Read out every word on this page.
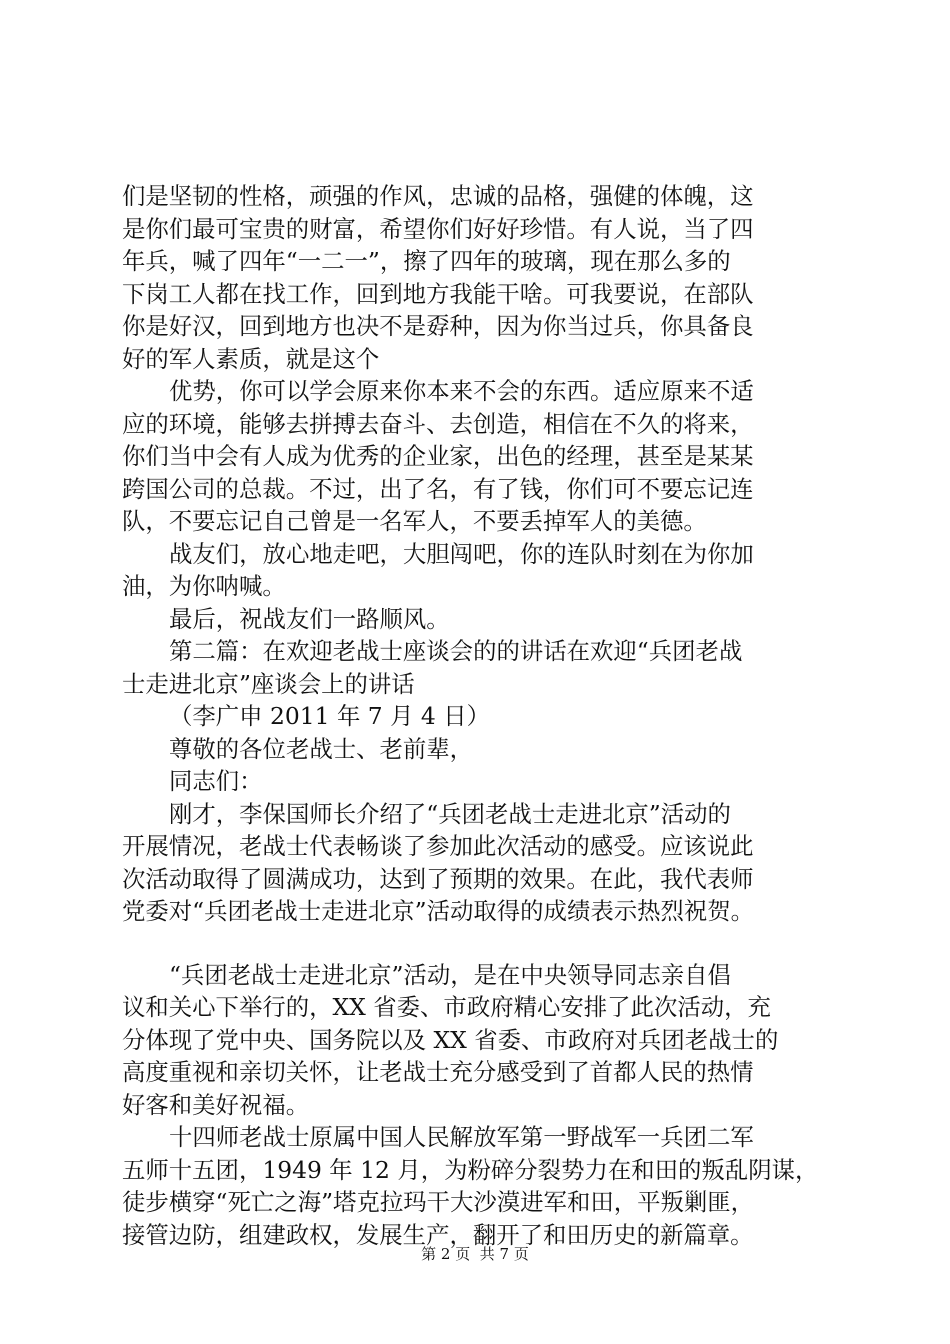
们是坚韧的性格，顽强的作风，忠诚的品格，强健的体魄，这
是你们最可宝贵的财富，希望你们好好珍惜。有人说，当了四
年兵，喊了四年“一二一”，擦了四年的玻璃，现在那么多的
下岗工人都在找工作，回到地方我能干啥。可我要说，在部队
你是好汉，回到地方也决不是孬种，因为你当过兵，你具备良
好的军人素质，就是这个
优势，你可以学会原来你本来不会的东西。适应原来不适
应的环境，能够去拼搏去奋斗、去创造，相信在不久的将来，
你们当中会有人成为优秀的企业家，出色的经理，甚至是某某
跨国公司的总裁。不过，出了名，有了钱，你们可不要忘记连
队，不要忘记自己曾是一名军人，不要丢掉军人的美德。
战友们，放心地走吧，大胆闯吧，你的连队时刻在为你加
油，为你呐喊。
最后，祝战友们一路顺风。
第二篇：在欢迎老战士座谈会的的讲话在欢迎“兵团老战
士走进北京”座谈会上的讲话
（李广申 2011 年 7 月 4 日）
尊敬的各位老战士、老前辈，
同志们：
刚才，李保国师长介绍了“兵团老战士走进北京”活动的
开展情况，老战士代表畅谈了参加此次活动的感受。应该说此
次活动取得了圆满成功，达到了预期的效果。在此，我代表师
党委对“兵团老战士走进北京”活动取得的成绩表示热烈祝贺。
“兵团老战士走进北京”活动，是在中央领导同志亲自倡
议和关心下举行的，XX 省委、市政府精心安排了此次活动，充
分体现了党中央、国务院以及 XX 省委、市政府对兵团老战士的
高度重视和亲切关怀，让老战士充分感受到了首都人民的热情
好客和美好祝福。
十四师老战士原属中国人民解放军第一野战军一兵团二军
五师十五团，1949 年 12 月，为粉碎分裂势力在和田的叛乱阴谋，
徒步横穿“死亡之海”塔克拉玛干大沙漠进军和田，平叛剿匪，
接管边防，组建政权，发展生产，翻开了和田历史的新篇章。
第 2 页  共 7 页
